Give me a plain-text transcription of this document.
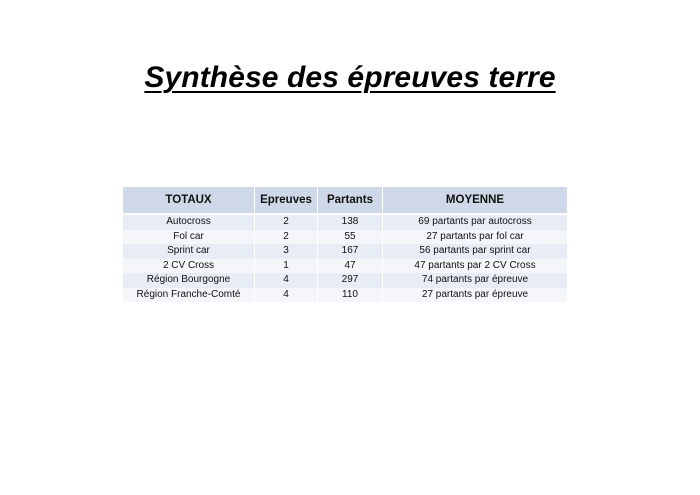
Synthèse des épreuves terre
TOTAUX	Epreuves	Partants	MOYENNE
Autocross	2	138	69 partants par autocross
Fol car	2	55	27 partants par fol car
Sprint car	3	167	56 partants par sprint car
2 CV Cross	1	47	47 partants par 2 CV Cross
Région Bourgogne	4	297	74 partants par épreuve
Région Franche-Comté	4	110	27 partants par épreuve
